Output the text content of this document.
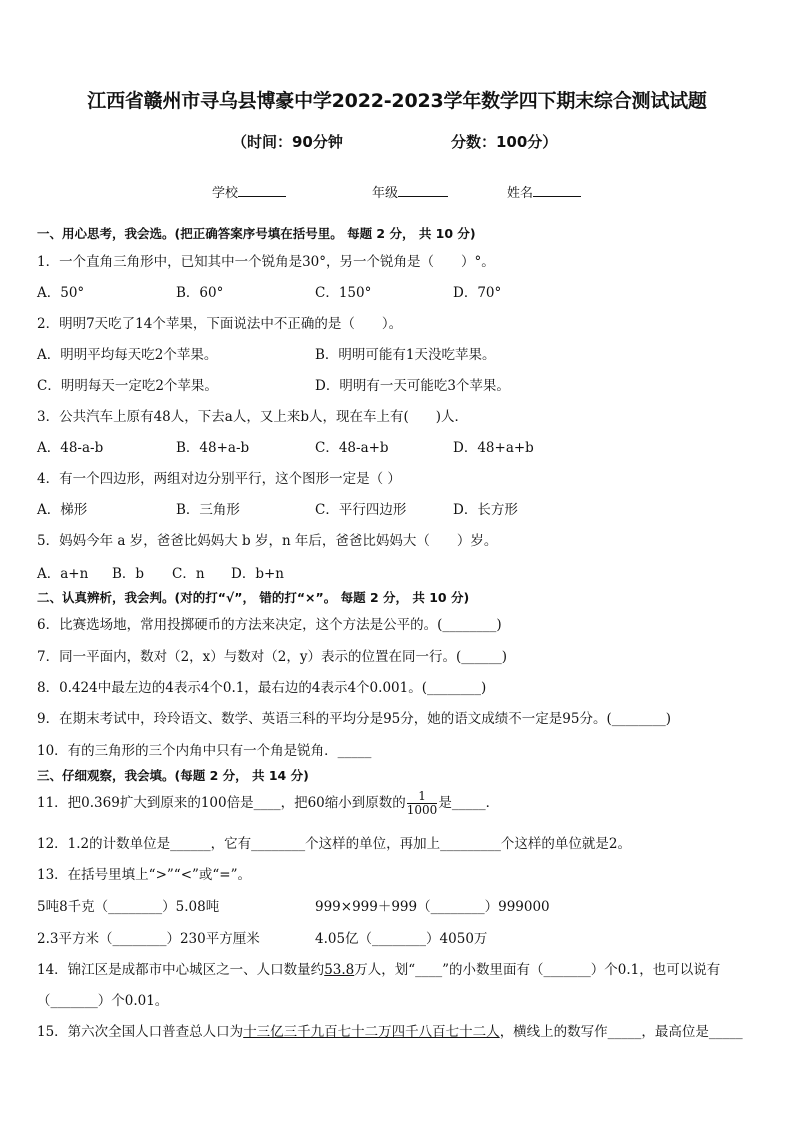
江西省赣州市寻乌县博豪中学2022-2023学年数学四下期末综合测试试题
（时间：90分钟	分数：100分）
学校	年级	姓名
一、用心思考，我会选。(把正确答案序号填在括号里。 每题 2 分， 共 10 分)
1．一个直角三角形中，已知其中一个锐角是30°，另一个锐角是（　　）°。
A．50°	B．60°	C．150°	D．70°
2．明明7天吃了14个苹果，下面说法中不正确的是（　　）。
A．明明平均每天吃2个苹果。	B．明明可能有1天没吃苹果。
C．明明每天一定吃2个苹果。	D．明明有一天可能吃3个苹果。
3．公共汽车上原有48人，下去a人，又上来b人，现在车上有(　　)人．
A．48-a-b	B．48+a-b	C．48-a+b	D．48+a+b
4．有一个四边形，两组对边分别平行，这个图形一定是（ ）
A．梯形	B．三角形	C．平行四边形	D．长方形
5．妈妈今年 a 岁，爸爸比妈妈大 b 岁，n 年后，爸爸比妈妈大（　　）岁。
A．a+n B．b C．n D．b+n
二、认真辨析，我会判。(对的打“√”， 错的打“×”。 每题 2 分， 共 10 分)
6．比赛选场地，常用投掷硬币的方法来决定，这个方法是公平的。(________)
7．同一平面内，数对（2，x）与数对（2，y）表示的位置在同一行。(______)
8．0.424中最左边的4表示4个0.1，最右边的4表示4个0.001。(________)
9．在期末考试中，玲玲语文、数学、英语三科的平均分是95分，她的语文成绩不一定是95分。(________)
10．有的三角形的三个内角中只有一个角是锐角．_____
三、仔细观察，我会填。(每题 2 分， 共 14 分)
11．把0.369扩大到原来的100倍是____，把60缩小到原数的 $\frac{1}{1000}$ 是_____．
12．1.2的计数单位是______，它有________个这样的单位，再加上_________个这样的单位就是2。
13．在括号里填上“>”“<”或“=”。
5吨8千克（________）5.08吨	999×999＋999（________）999000
2.3平方米（________）230平方厘米	4.05亿（________）4050万
14．锦江区是成都市中心城区之一、人口数量约53.8万人，划“____”的小数里面有（_______）个0.1，也可以说有
（_______）个0.01。
15．第六次全国人口普查总人口为十三亿三千九百七十二万四千八百七十二人，横线上的数写作_____，最高位是_____
